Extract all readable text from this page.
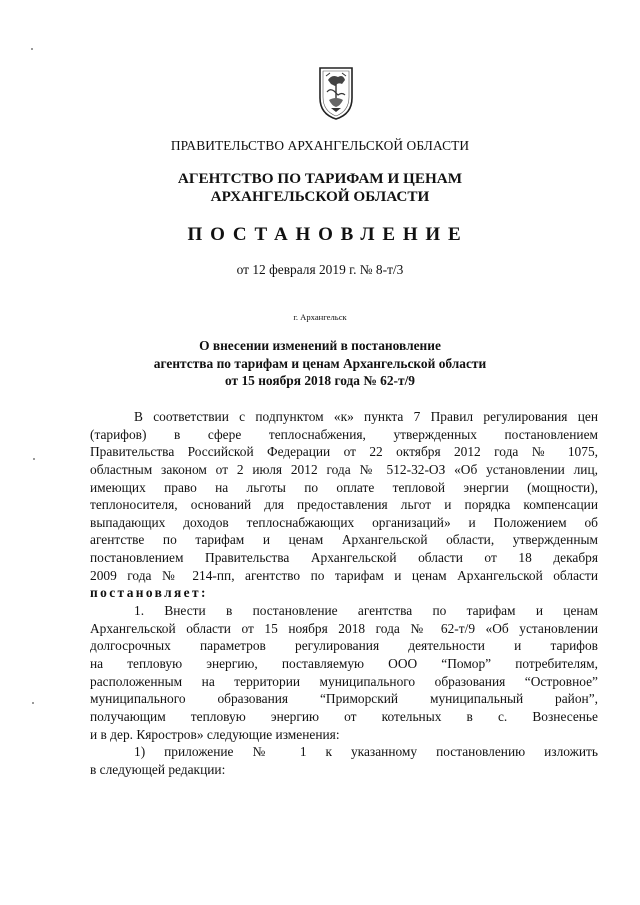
ПРАВИТЕЛЬСТВО АРХАНГЕЛЬСКОЙ ОБЛАСТИ
АГЕНТСТВО ПО ТАРИФАМ И ЦЕНАМ
АРХАНГЕЛЬСКОЙ ОБЛАСТИ
ПОСТАНОВЛЕНИЕ
от 12 февраля 2019 г. № 8-т/3
г. Архангельск
О внесении изменений в постановление
агентства по тарифам и ценам Архангельской области
от 15 ноября 2018 года № 62-т/9
В соответствии с подпунктом «к» пункта 7 Правил регулирования цен
(тарифов) в сфере теплоснабжения, утвержденных постановлением
Правительства Российской Федерации от 22 октября 2012 года № 1075,
областным законом от 2 июля 2012 года № 512-32-ОЗ «Об установлении лиц,
имеющих право на льготы по оплате тепловой энергии (мощности),
теплоносителя, оснований для предоставления льгот и порядка компенсации
выпадающих доходов теплоснабжающих организаций» и Положением об
агентстве по тарифам и ценам Архангельской области, утвержденным
постановлением Правительства Архангельской области от 18 декабря
2009 года № 214-пп, агентство по тарифам и ценам Архангельской области
постановляет:
1. Внести в постановление агентства по тарифам и ценам
Архангельской области от 15 ноября 2018 года № 62-т/9 «Об установлении
долгосрочных параметров регулирования деятельности и тарифов
на тепловую энергию, поставляемую ООО “Помор” потребителям,
расположенным на территории муниципального образования “Островное”
муниципального образования “Приморский муниципальный район”,
получающим тепловую энергию от котельных в с. Вознесенье
и в дер. Кяростров» следующие изменения:
1) приложение № 1 к указанному постановлению изложить
в следующей редакции:
